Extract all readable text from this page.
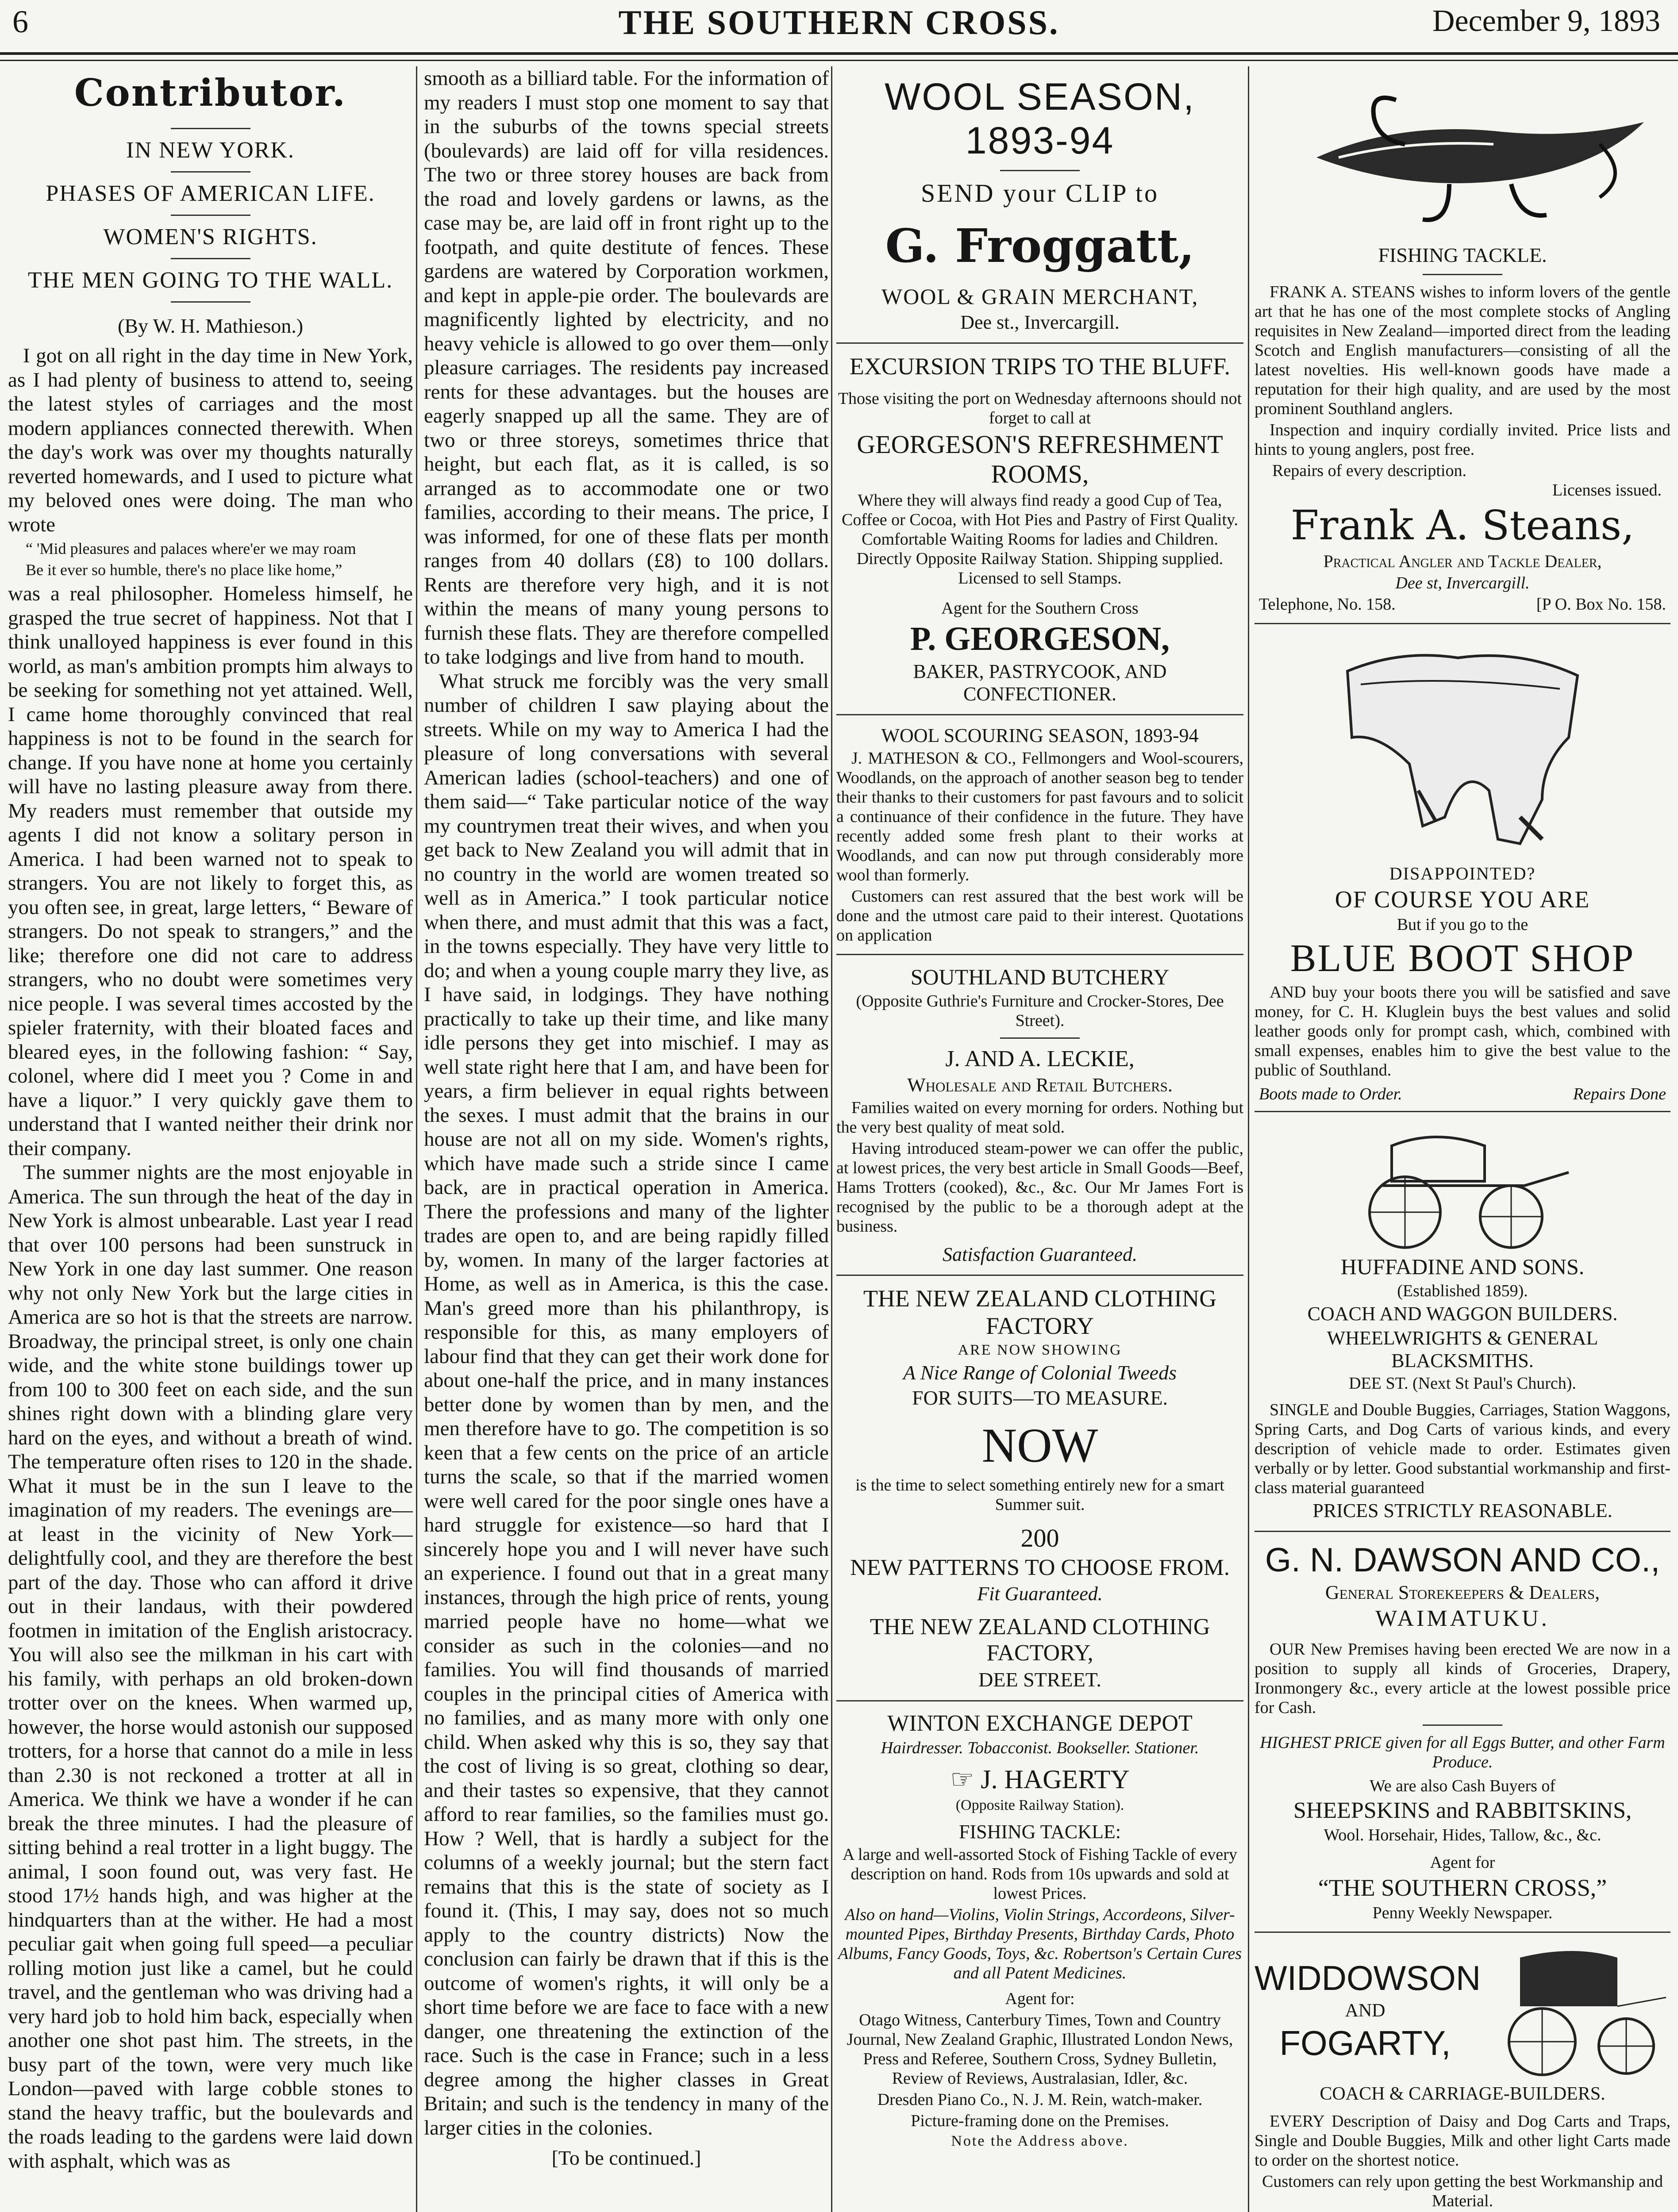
6	THE SOUTHERN CROSS.	December 9, 1893
Contributor.

IN NEW YORK.

PHASES OF AMERICAN LIFE.

WOMEN'S RIGHTS.

THE MEN GOING TO THE WALL.

(By W. H. Mathieson.)

I got on all right in the day time in New York, as I had plenty of business to attend to, seeing the latest styles of carriages and the most modern appliances connected therewith. When the day's work was over my thoughts naturally reverted homewards, and I used to picture what my beloved ones were doing. The man who wrote

“ 'Mid pleasures and palaces where'er we may roam

Be it ever so humble, there's no place like home,”

was a real philosopher. Homeless himself, he grasped the true secret of happiness. Not that I think unalloyed happiness is ever found in this world, as man's ambition prompts him always to be seeking for something not yet attained. Well, I came home thoroughly convinced that real happiness is not to be found in the search for change. If you have none at home you certainly will have no lasting pleasure away from there. My readers must remember that outside my agents I did not know a solitary person in America. I had been warned not to speak to strangers. You are not likely to forget this, as you often see, in great, large letters, “ Beware of strangers. Do not speak to strangers,” and the like; therefore one did not care to address strangers, who no doubt were sometimes very nice people. I was several times accosted by the spieler fraternity, with their bloated faces and bleared eyes, in the following fashion: “ Say, colonel, where did I meet you ? Come in and have a liquor.” I very quickly gave them to understand that I wanted neither their drink nor their company.

The summer nights are the most enjoyable in America. The sun through the heat of the day in New York is almost unbearable. Last year I read that over 100 persons had been sunstruck in New York in one day last summer. One reason why not only New York but the large cities in America are so hot is that the streets are narrow. Broadway, the principal street, is only one chain wide, and the white stone buildings tower up from 100 to 300 feet on each side, and the sun shines right down with a blinding glare very hard on the eyes, and without a breath of wind. The temperature often rises to 120 in the shade. What it must be in the sun I leave to the imagination of my readers. The evenings are—at least in the vicinity of New York—delightfully cool, and they are therefore the best part of the day. Those who can afford it drive out in their landaus, with their powdered footmen in imitation of the English aristocracy. You will also see the milkman in his cart with his family, with perhaps an old broken-down trotter over on the knees. When warmed up, however, the horse would astonish our supposed trotters, for a horse that cannot do a mile in less than 2.30 is not reckoned a trotter at all in America. We think we have a wonder if he can break the three minutes. I had the pleasure of sitting behind a real trotter in a light buggy. The animal, I soon found out, was very fast. He stood 17½ hands high, and was higher at the hindquarters than at the wither. He had a most peculiar gait when going full speed—a peculiar rolling motion just like a camel, but he could travel, and the gentleman who was driving had a very hard job to hold him back, especially when another one shot past him. The streets, in the busy part of the town, were very much like London—paved with large cobble stones to stand the heavy traffic, but the boulevards and the roads leading to the gardens were laid down with asphalt, which was as

smooth as a billiard table. For the information of my readers I must stop one moment to say that in the suburbs of the towns special streets (boulevards) are laid off for villa residences. The two or three storey houses are back from the road and lovely gardens or lawns, as the case may be, are laid off in front right up to the footpath, and quite destitute of fences. These gardens are watered by Corporation workmen, and kept in apple-pie order. The boulevards are magnificently lighted by electricity, and no heavy vehicle is allowed to go over them—only pleasure carriages. The residents pay increased rents for these advantages. but the houses are eagerly snapped up all the same. They are of two or three storeys, sometimes thrice that height, but each flat, as it is called, is so arranged as to accommodate one or two families, according to their means. The price, I was informed, for one of these flats per month ranges from 40 dollars (£8) to 100 dollars. Rents are therefore very high, and it is not within the means of many young persons to furnish these flats. They are therefore compelled to take lodgings and live from hand to mouth.

What struck me forcibly was the very small number of children I saw playing about the streets. While on my way to America I had the pleasure of long conversations with several American ladies (school-teachers) and one of them said—“ Take particular notice of the way my countrymen treat their wives, and when you get back to New Zealand you will admit that in no country in the world are women treated so well as in America.” I took particular notice when there, and must admit that this was a fact, in the towns especially. They have very little to do; and when a young couple marry they live, as I have said, in lodgings. They have nothing practically to take up their time, and like many idle persons they get into mischief. I may as well state right here that I am, and have been for years, a firm believer in equal rights between the sexes. I must admit that the brains in our house are not all on my side. Women's rights, which have made such a stride since I came back, are in practical operation in America. There the professions and many of the lighter trades are open to, and are being rapidly filled by, women. In many of the larger factories at Home, as well as in America, is this the case. Man's greed more than his philanthropy, is responsible for this, as many employers of labour find that they can get their work done for about one-half the price, and in many instances better done by women than by men, and the men therefore have to go. The competition is so keen that a few cents on the price of an article turns the scale, so that if the married women were well cared for the poor single ones have a hard struggle for existence—so hard that I sincerely hope you and I will never have such an experience. I found out that in a great many instances, through the high price of rents, young married people have no home—what we consider as such in the colonies—and no families. You will find thousands of married couples in the principal cities of America with no families, and as many more with only one child. When asked why this is so, they say that the cost of living is so great, clothing so dear, and their tastes so expensive, that they cannot afford to rear families, so the families must go. How ? Well, that is hardly a subject for the columns of a weekly journal; but the stern fact remains that this is the state of society as I found it. (This, I may say, does not so much apply to the country districts) Now the conclusion can fairly be drawn that if this is the outcome of women's rights, it will only be a short time before we are face to face with a new danger, one threatening the extinction of the race. Such is the case in France; such in a less degree among the higher classes in Great Britain; and such is the tendency in many of the larger cities in the colonies.

[To be continued.]

WOOL SEASON, 1893-94

SEND your CLIP to

G. Froggatt,

WOOL & GRAIN MERCHANT,

Dee st., Invercargill.

EXCURSION TRIPS TO THE BLUFF.

Those visiting the port on Wednesday afternoons should not forget to call at

GEORGESON'S REFRESHMENT ROOMS,

Where they will always find ready a good Cup of Tea, Coffee or Cocoa, with Hot Pies and Pastry of First Quality. Comfortable Waiting Rooms for ladies and Children. Directly Opposite Railway Station. Shipping supplied. Licensed to sell Stamps.

Agent for the Southern Cross

P. GEORGESON,

BAKER, PASTRYCOOK, AND CONFECTIONER.

WOOL SCOURING SEASON, 1893-94

J. MATHESON & CO., Fellmongers and Wool-scourers, Woodlands, on the approach of another season beg to tender their thanks to their customers for past favours and to solicit a continuance of their confidence in the future. They have recently added some fresh plant to their works at Woodlands, and can now put through considerably more wool than formerly.

Customers can rest assured that the best work will be done and the utmost care paid to their interest. Quotations on application

SOUTHLAND BUTCHERY

(Opposite Guthrie's Furniture and Crocker-Stores, Dee Street).

J. AND A. LECKIE,

Wholesale and Retail Butchers.

Families waited on every morning for orders. Nothing but the very best quality of meat sold.

Having introduced steam-power we can offer the public, at lowest prices, the very best article in Small Goods—Beef, Hams Trotters (cooked), &c., &c. Our Mr James Fort is recognised by the public to be a thorough adept at the business.

Satisfaction Guaranteed.

THE NEW ZEALAND CLOTHING FACTORY

ARE NOW SHOWING

A Nice Range of Colonial Tweeds

FOR SUITS—TO MEASURE.

NOW

is the time to select something entirely new for a smart Summer suit.

200

NEW PATTERNS TO CHOOSE FROM.

Fit Guaranteed.

THE NEW ZEALAND CLOTHING FACTORY,

DEE STREET.

WINTON EXCHANGE DEPOT

Hairdresser. Tobacconist. Bookseller. Stationer.

☞ J. HAGERTY

(Opposite Railway Station).

FISHING TACKLE:

A large and well-assorted Stock of Fishing Tackle of every description on hand. Rods from 10s upwards and sold at lowest Prices.

Also on hand—Violins, Violin Strings, Accordeons, Silver-mounted Pipes, Birthday Presents, Birthday Cards, Photo Albums, Fancy Goods, Toys, &c. Robertson's Certain Cures and all Patent Medicines.

Agent for:

Otago Witness, Canterbury Times, Town and Country Journal, New Zealand Graphic, Illustrated London News, Press and Referee, Southern Cross, Sydney Bulletin, Review of Reviews, Australasian, Idler, &c.

Dresden Piano Co., N. J. M. Rein, watch-maker.

Picture-framing done on the Premises.

Note the Address above.

FISHING TACKLE.

FRANK A. STEANS wishes to inform lovers of the gentle art that he has one of the most complete stocks of Angling requisites in New Zealand—imported direct from the leading Scotch and English manufacturers—consisting of all the latest novelties. His well-known goods have made a reputation for their high quality, and are used by the most prominent Southland anglers.

Inspection and inquiry cordially invited. Price lists and hints to young anglers, post free.

Repairs of every description.

Licenses issued.

Frank A. Steans,

Practical Angler and Tackle Dealer,

Dee st, Invercargill.

Telephone, No. 158.	[P O. Box No. 158.

DISAPPOINTED?

OF COURSE YOU ARE

But if you go to the

BLUE BOOT SHOP

AND buy your boots there you will be satisfied and save money, for C. H. Kluglein buys the best values and solid leather goods only for prompt cash, which, combined with small expenses, enables him to give the best value to the public of Southland.

Boots made to Order.	Repairs Done

HUFFADINE AND SONS.

(Established 1859).

COACH AND WAGGON BUILDERS.

WHEELWRIGHTS & GENERAL BLACKSMITHS.

DEE ST. (Next St Paul's Church).

SINGLE and Double Buggies, Carriages, Station Waggons, Spring Carts, and Dog Carts of various kinds, and every description of vehicle made to order. Estimates given verbally or by letter. Good substantial workmanship and first-class material guaranteed

PRICES STRICTLY REASONABLE.

G. N. DAWSON AND CO.,

General Storekeepers & Dealers,

WAIMATUKU.

OUR New Premises having been erected We are now in a position to supply all kinds of Groceries, Drapery, Ironmongery &c., every article at the lowest possible price for Cash.

HIGHEST PRICE given for all Eggs Butter, and other Farm Produce.

We are also Cash Buyers of

SHEEPSKINS and RABBITSKINS,

Wool. Horsehair, Hides, Tallow, &c., &c.

Agent for

“THE SOUTHERN CROSS,”

Penny Weekly Newspaper.

WIDDOWSON

AND

FOGARTY,

COACH & CARRIAGE-BUILDERS.

EVERY Description of Daisy and Dog Carts and Traps, Single and Double Buggies, Milk and other light Carts made to order on the shortest notice.

Customers can rely upon getting the best Workmanship and Material.
